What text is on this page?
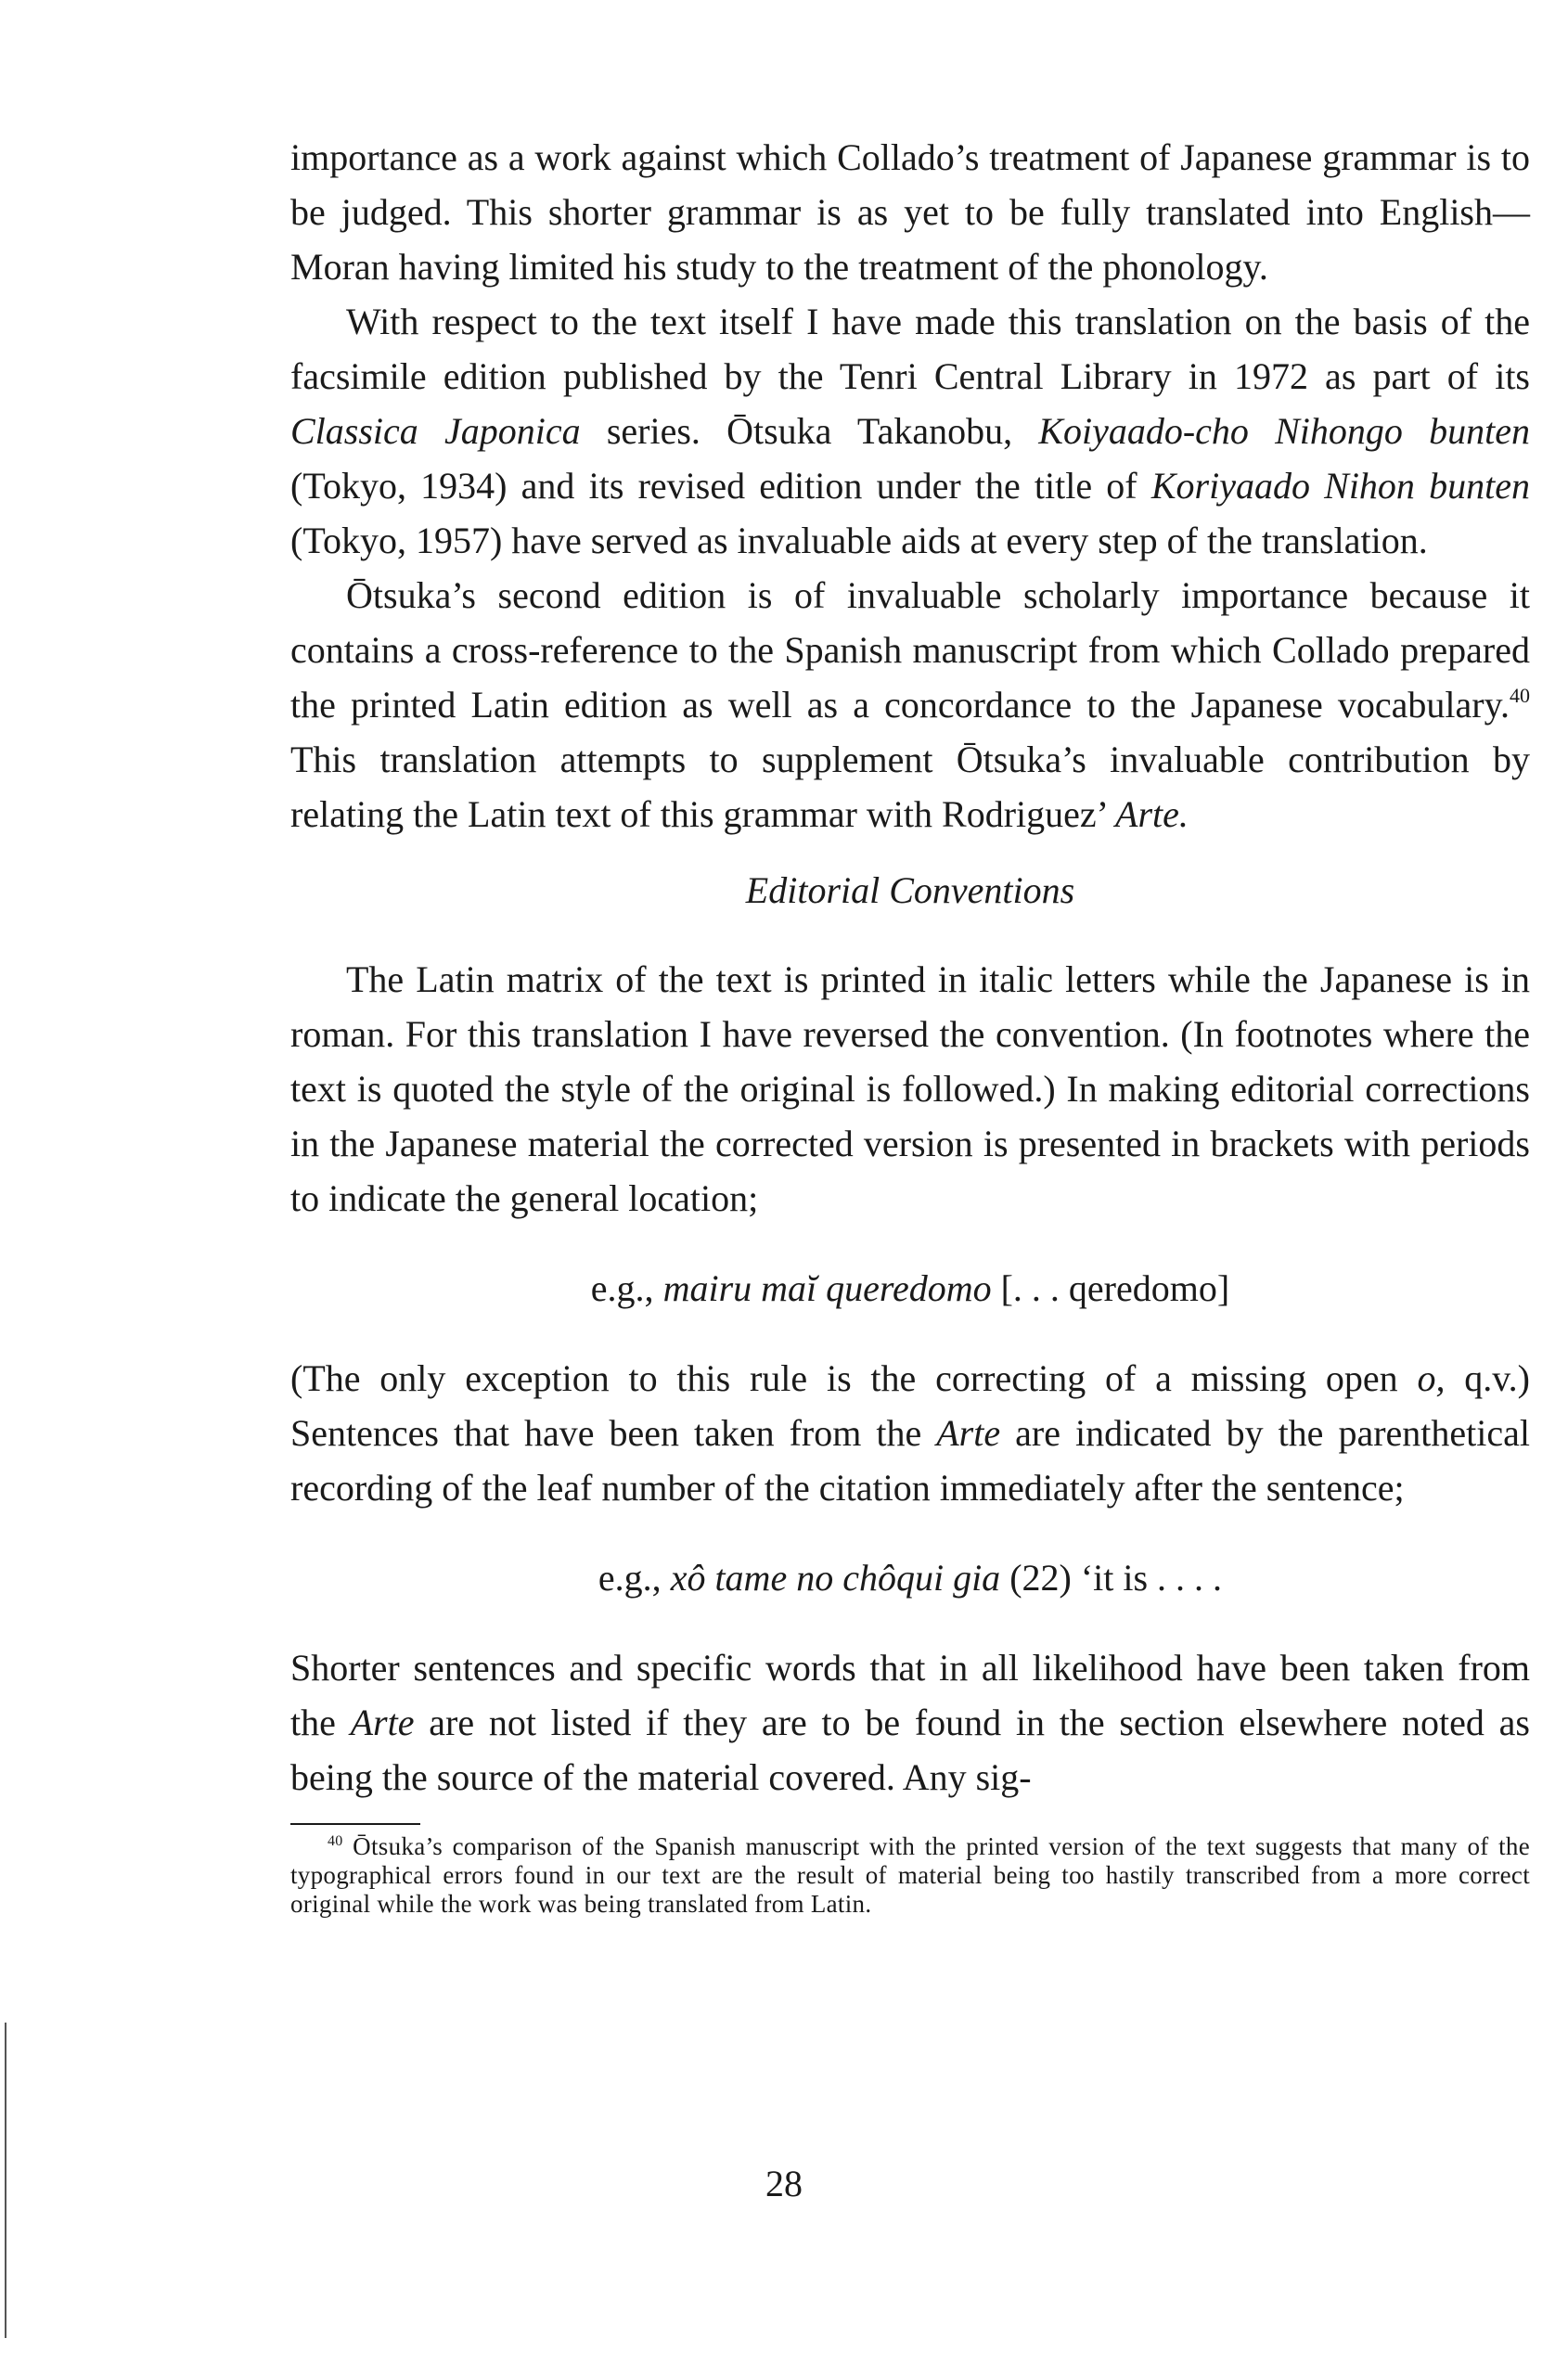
importance as a work against which Collado’s treatment of Japanese grammar is to be judged. This shorter grammar is as yet to be fully translated into English—Moran having limited his study to the treatment of the phonology.

With respect to the text itself I have made this translation on the basis of the facsimile edition published by the Tenri Central Library in 1972 as part of its Classica Japonica series. Ōtsuka Takanobu, Koiyaado-cho Nihongo bunten (Tokyo, 1934) and its revised edition under the title of Koriyaado Nihon bunten (Tokyo, 1957) have served as invaluable aids at every step of the translation.

Ōtsuka’s second edition is of invaluable scholarly importance because it contains a cross-reference to the Spanish manuscript from which Collado prepared the printed Latin edition as well as a concordance to the Japanese vocabulary.$^{40}$ This translation attempts to supplement Ōtsuka’s invaluable contribution by relating the Latin text of this grammar with Rodriguez’ Arte.

Editorial Conventions

The Latin matrix of the text is printed in italic letters while the Japanese is in roman. For this translation I have reversed the convention. (In footnotes where the text is quoted the style of the original is followed.) In making editorial corrections in the Japanese material the corrected version is presented in brackets with periods to indicate the general location;

e.g., mairu maĭ queredomo [. . . qeredomo]

(The only exception to this rule is the correcting of a missing open o, q.v.) Sentences that have been taken from the Arte are indicated by the parenthetical recording of the leaf number of the citation immediately after the sentence;

e.g., xô tame no chôqui gia (22) ‘it is . . . .

Shorter sentences and specific words that in all likelihood have been taken from the Arte are not listed if they are to be found in the section elsewhere noted as being the source of the material covered. Any sig-

$^{40}$ Ōtsuka’s comparison of the Spanish manuscript with the printed version of the text suggests that many of the typographical errors found in our text are the result of material being too hastily transcribed from a more correct original while the work was being translated from Latin.

28
